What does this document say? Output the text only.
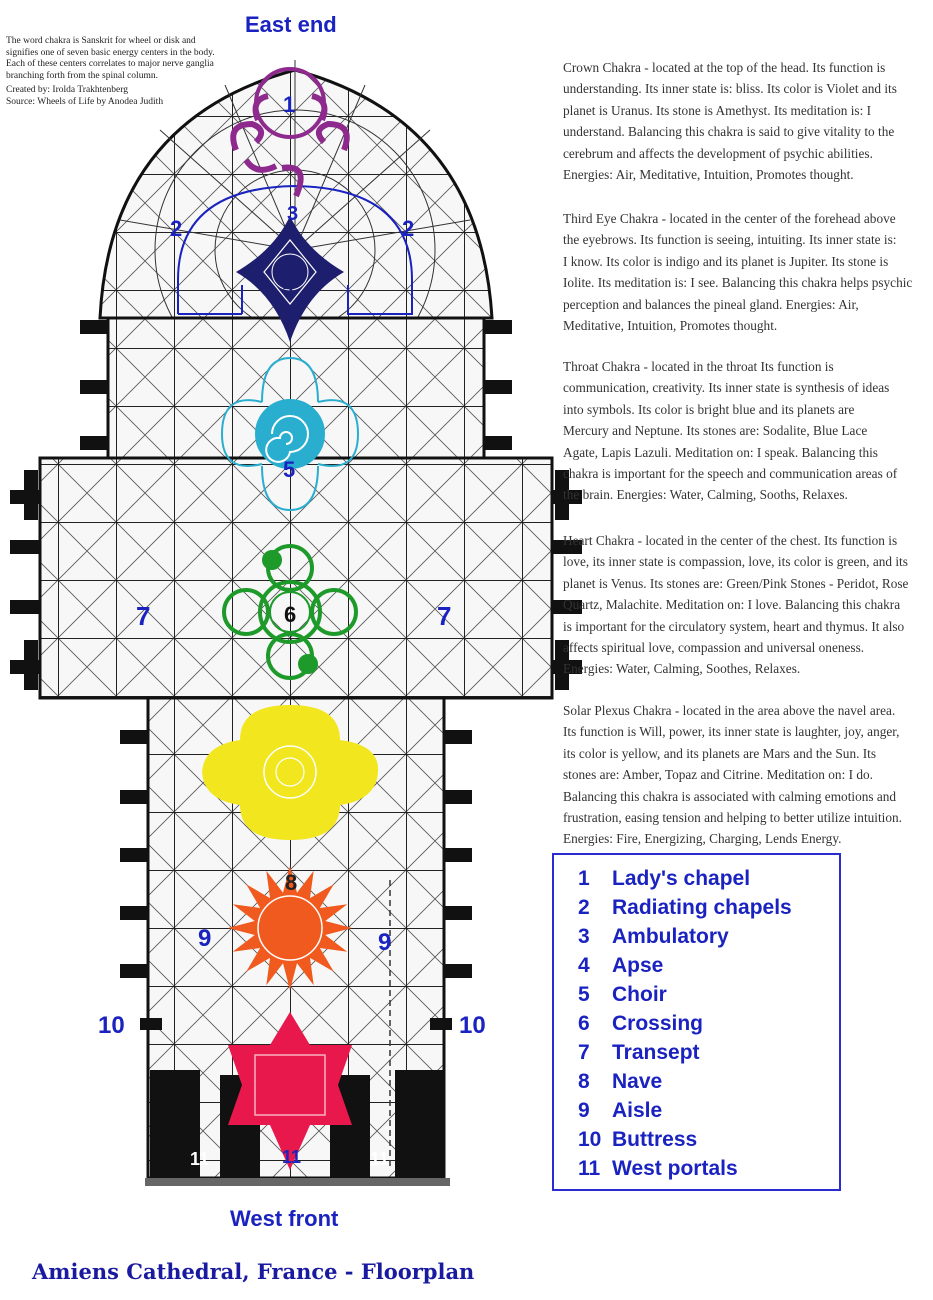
1
2	2
3
4
5
6
7	7
8
9	9
10	10
11	11	11
East end
West front

The word chakra is Sanskrit for wheel or disk and
signifies one of seven basic energy centers in the body.
Each of these centers correlates to major nerve ganglia
branching forth from the spinal column.

Created by: Irolda Trakhtenberg
Source: Wheels of Life by Anodea Judith
Crown Chakra - located at the top of the head. Its function is
understanding. Its inner state is: bliss. Its color is Violet and its
planet is Uranus. Its stone is Amethyst. Its meditation is: I
understand. Balancing this chakra is said to give vitality to the
cerebrum and affects the development of psychic abilities.
Energies: Air, Meditative, Intuition, Promotes thought.
Third Eye Chakra - located in the center of the forehead above
the eyebrows. Its function is seeing, intuiting. Its inner state is:
I know. Its color is indigo and its planet is Jupiter. Its stone is
Iolite. Its meditation is: I see. Balancing this chakra helps psychic
perception and balances the pineal gland. Energies: Air,
Meditative, Intuition, Promotes thought.
Throat Chakra - located in the throat Its function is
communication, creativity. Its inner state is synthesis of ideas
into symbols. Its color is bright blue and its planets are
Mercury and Neptune. Its stones are: Sodalite, Blue Lace
Agate, Lapis Lazuli. Meditation on: I speak. Balancing this
chakra is important for the speech and communication areas of
the brain. Energies: Water, Calming, Sooths, Relaxes.
Heart Chakra - located in the center of the chest. Its function is
love, its inner state is compassion, love, its color is green, and its
planet is Venus. Its stones are: Green/Pink Stones - Peridot, Rose
Quartz, Malachite. Meditation on: I love. Balancing this chakra
is important for the circulatory system, heart and thymus. It also
affects spiritual love, compassion and universal oneness.
Energies: Water, Calming, Soothes, Relaxes.
Solar Plexus Chakra - located in the area above the navel area.
Its function is Will, power, its inner state is laughter, joy, anger,
its color is yellow, and its planets are Mars and the Sun. Its
stones are: Amber, Topaz and Citrine. Meditation on: I do.
Balancing this chakra is associated with calming emotions and
frustration, easing tension and helping to better utilize intuition.
Energies: Fire, Energizing, Charging, Lends Energy.
1 Lady's chapel
2 Radiating chapels
3 Ambulatory
4 Apse
5 Choir
6 Crossing
7 Transept
8 Nave
9 Aisle
10 Buttress
11 West portals
Amiens Cathedral, France - Floorplan
